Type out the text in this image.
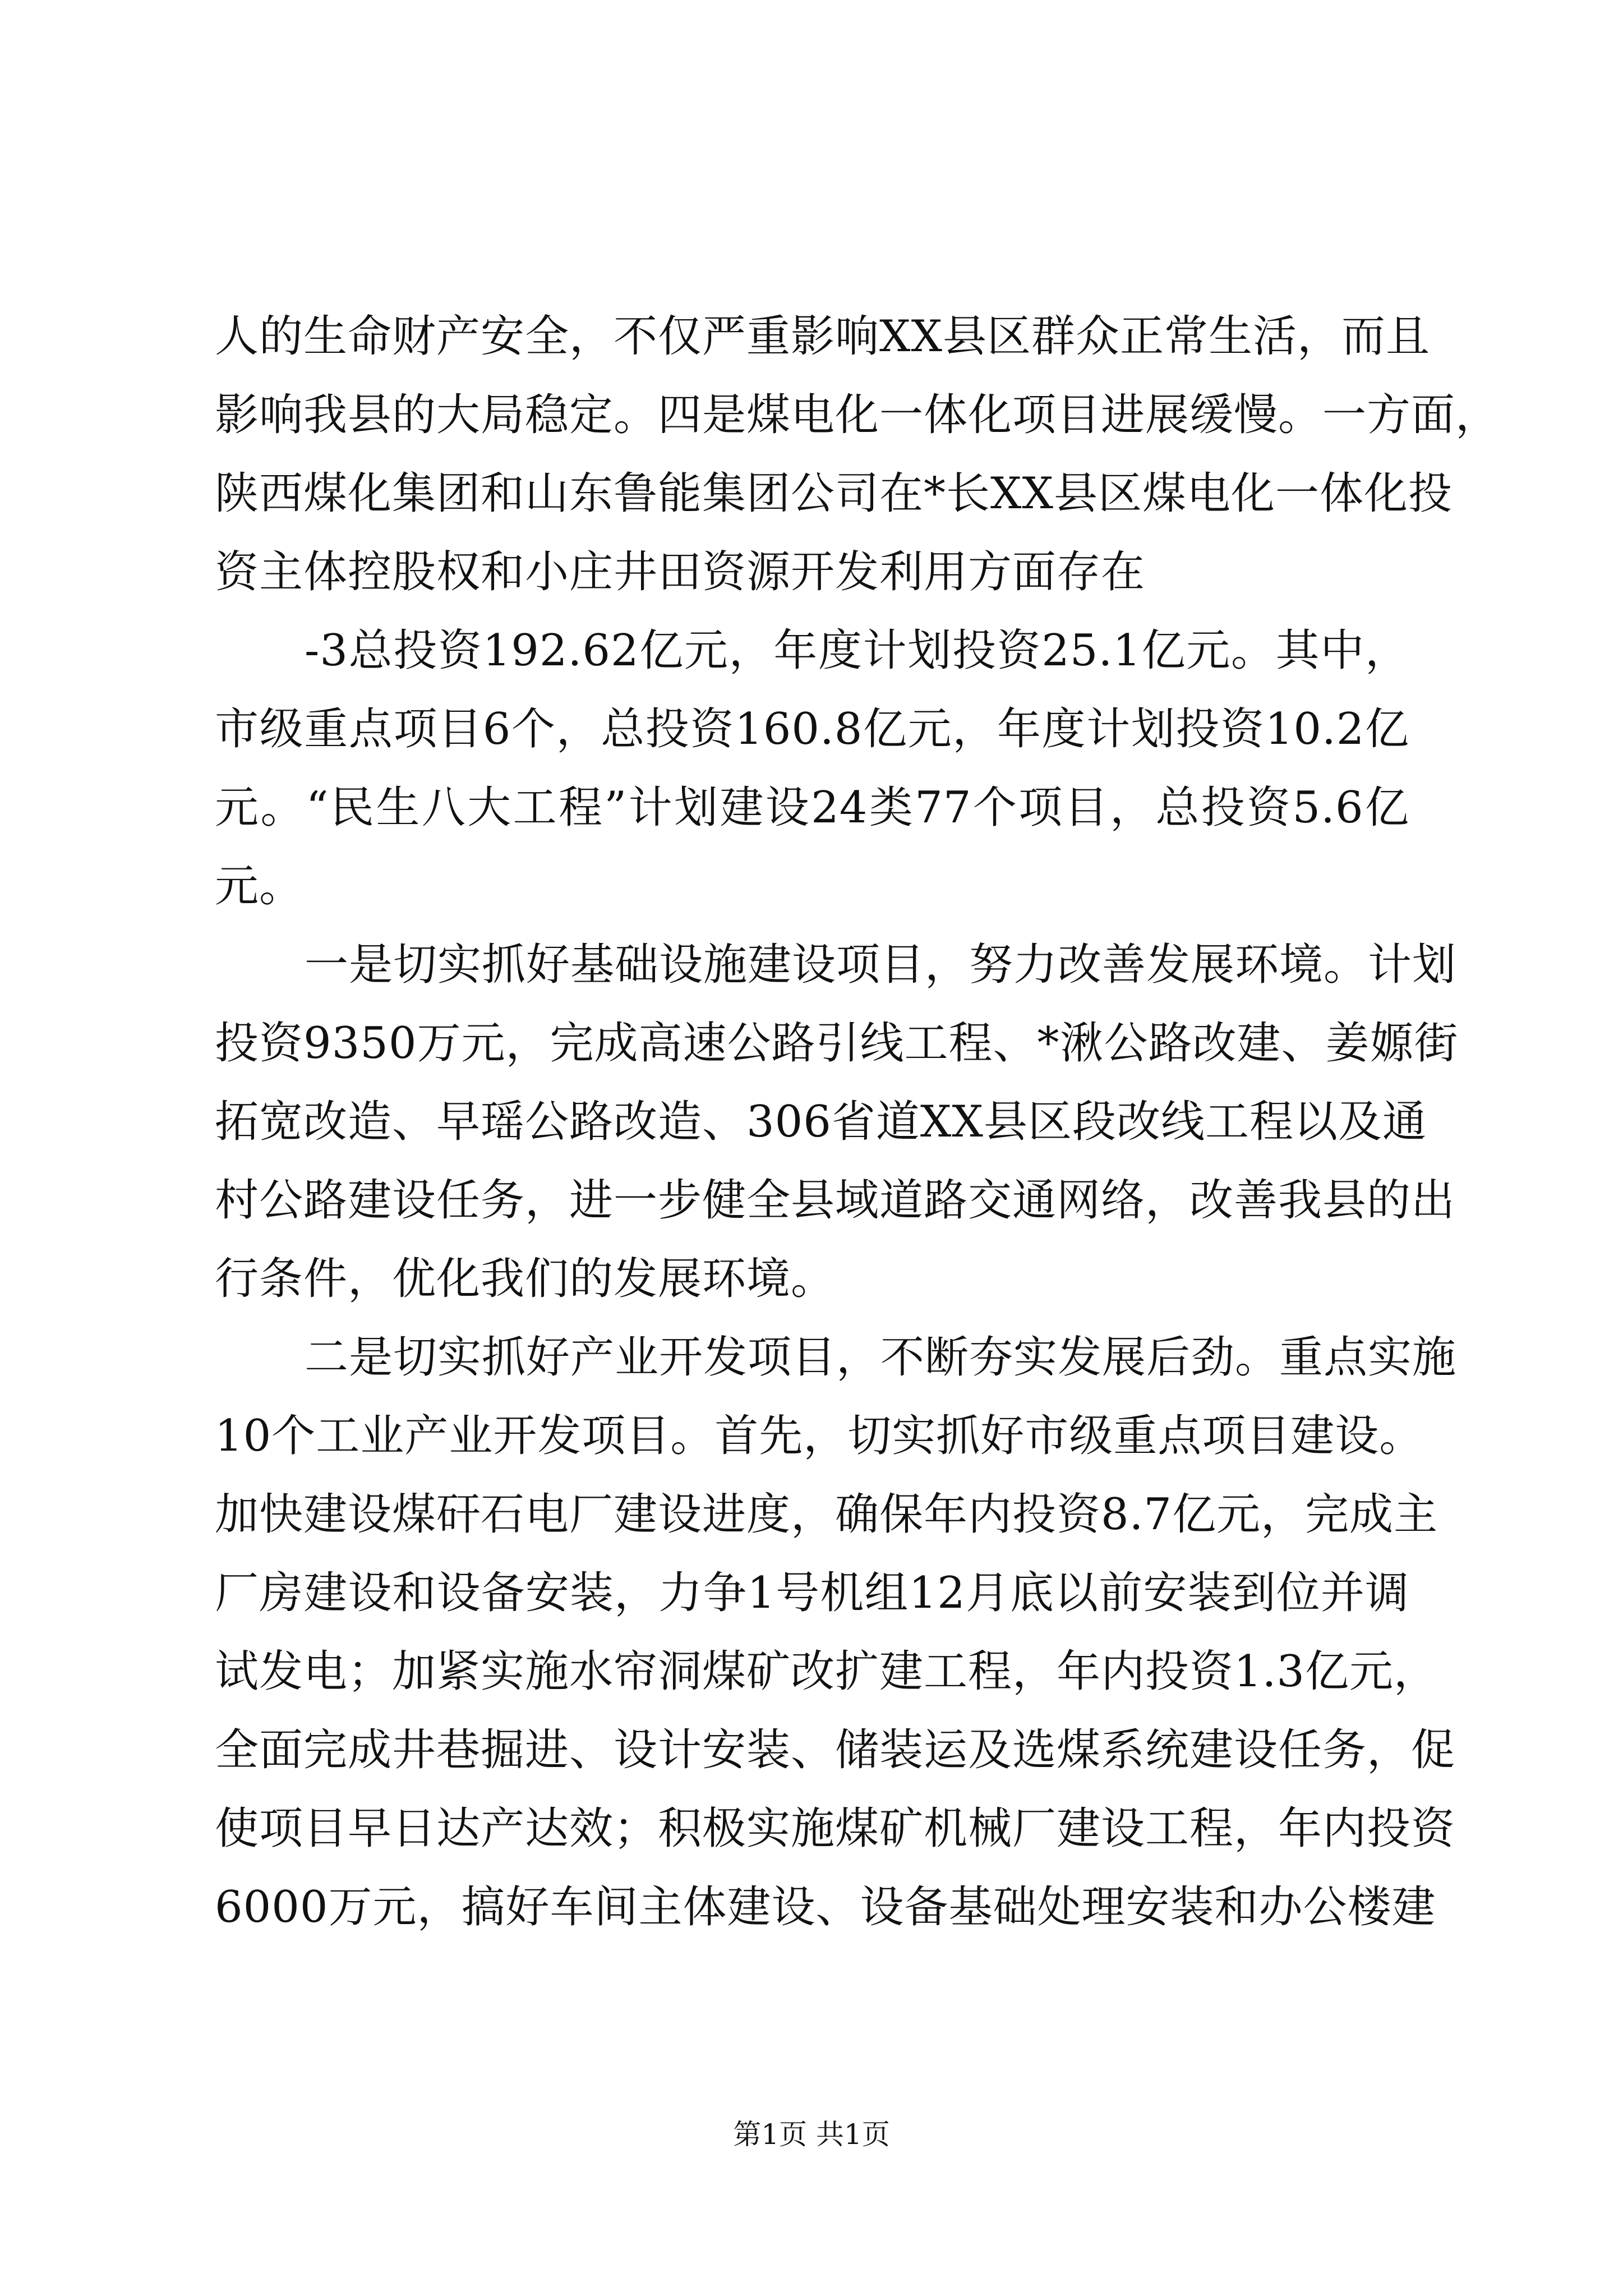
人的生命财产安全，不仅严重影响XX县区群众正常生活，而且
影响我县的大局稳定。四是煤电化一体化项目进展缓慢。一方面，
陕西煤化集团和山东鲁能集团公司在*长XX县区煤电化一体化投
资主体控股权和小庄井田资源开发利用方面存在
-3总投资192.62亿元，年度计划投资25.1亿元。其中，
市级重点项目6个，总投资160.8亿元，年度计划投资10.2亿
元。“民生八大工程”计划建设24类77个项目，总投资5.6亿
元。
一是切实抓好基础设施建设项目，努力改善发展环境。计划
投资9350万元，完成高速公路引线工程、*湫公路改建、姜嫄街
拓宽改造、早瑶公路改造、306省道XX县区段改线工程以及通
村公路建设任务，进一步健全县域道路交通网络，改善我县的出
行条件，优化我们的发展环境。
二是切实抓好产业开发项目，不断夯实发展后劲。重点实施
10个工业产业开发项目。首先，切实抓好市级重点项目建设。
加快建设煤矸石电厂建设进度，确保年内投资8.7亿元，完成主
厂房建设和设备安装，力争1号机组12月底以前安装到位并调
试发电；加紧实施水帘洞煤矿改扩建工程，年内投资1.3亿元，
全面完成井巷掘进、设计安装、储装运及选煤系统建设任务，促
使项目早日达产达效；积极实施煤矿机械厂建设工程，年内投资
6000万元，搞好车间主体建设、设备基础处理安装和办公楼建
第1页 共1页
